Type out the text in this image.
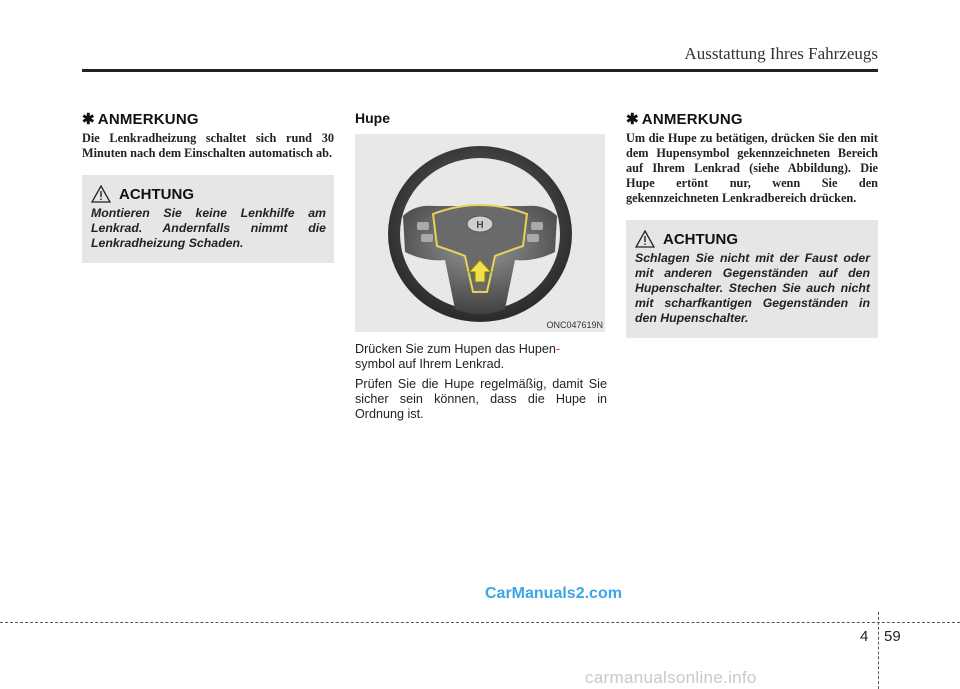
Ausstattung Ihres Fahrzeugs
✱ ANMERKUNG
Die Lenkradheizung schaltet sich rund 30 Minuten nach dem Einschalten automatisch ab.
ACHTUNG
Montieren Sie keine Lenkhilfe am Lenkrad. Andernfalls nimmt die Lenkradheizung Schaden.
Hupe
H
ONC047619N
Drücken Sie zum Hupen das Hupen-
symbol auf Ihrem Lenkrad.
Prüfen Sie die Hupe regelmäßig, damit Sie sicher sein können, dass die Hupe in Ordnung ist.
✱ ANMERKUNG
Um die Hupe zu betätigen, drücken Sie den mit dem Hupensymbol gekennzeichneten Bereich auf Ihrem Lenkrad (siehe Abbildung). Die Hupe ertönt nur, wenn Sie den gekennzeichneten Lenkradbereich drücken.
ACHTUNG
Schlagen Sie nicht mit der Faust oder mit anderen Gegenständen auf den Hupenschalter. Stechen Sie auch nicht mit scharfkantigen Gegenständen in den Hupenschalter.
CarManuals2.com
4 59
carmanualsonline.info
